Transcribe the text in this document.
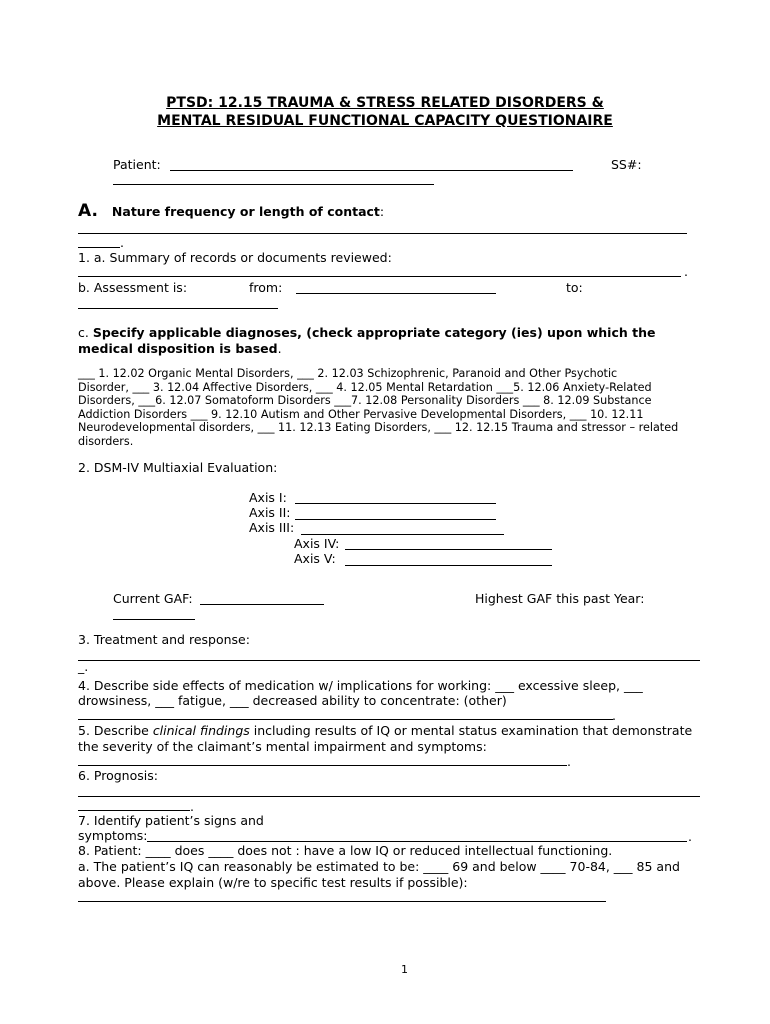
PTSD: 12.15 TRAUMA & STRESS RELATED DISORDERS &
MENTAL RESIDUAL FUNCTIONAL CAPACITY QUESTIONAIRE
Patient:	SS#:
A. Nature frequency or length of contact:
.
1. a. Summary of records or documents reviewed:
.
b. Assessment is:	from:	to:
c. Specify applicable diagnoses, (check appropriate category (ies) upon which the medical disposition is based.
___ 1. 12.02 Organic Mental Disorders, ___ 2. 12.03 Schizophrenic, Paranoid and Other Psychotic
Disorder, ___ 3. 12.04 Affective Disorders, ___ 4. 12.05 Mental Retardation ___5. 12.06 Anxiety-Related
Disorders, ___6. 12.07 Somatoform Disorders ___7. 12.08 Personality Disorders ___ 8. 12.09 Substance
Addiction Disorders ___ 9. 12.10 Autism and Other Pervasive Developmental Disorders, ___ 10. 12.11
Neurodevelopmental disorders, ___ 11. 12.13 Eating Disorders, ___ 12. 12.15 Trauma and stressor – related
disorders.
2. DSM-IV Multiaxial Evaluation:
Axis I:
Axis II:
Axis III:
Axis IV:
Axis V:
Current GAF:	Highest GAF this past Year:
3. Treatment and response:
_.
4. Describe side effects of medication w/ implications for working: ___ excessive sleep, ___
drowsiness, ___ fatigue, ___ decreased ability to concentrate: (other)
.
5. Describe clinical findings including results of IQ or mental status examination that demonstrate
the severity of the claimant’s mental impairment and symptoms:
.
6. Prognosis:
.
7. Identify patient’s signs and
symptoms:	.
8. Patient: ____ does ____ does not : have a low IQ or reduced intellectual functioning.
a. The patient’s IQ can reasonably be estimated to be: ____ 69 and below ____ 70-84, ___ 85 and
above. Please explain (w/re to specific test results if possible):
1
